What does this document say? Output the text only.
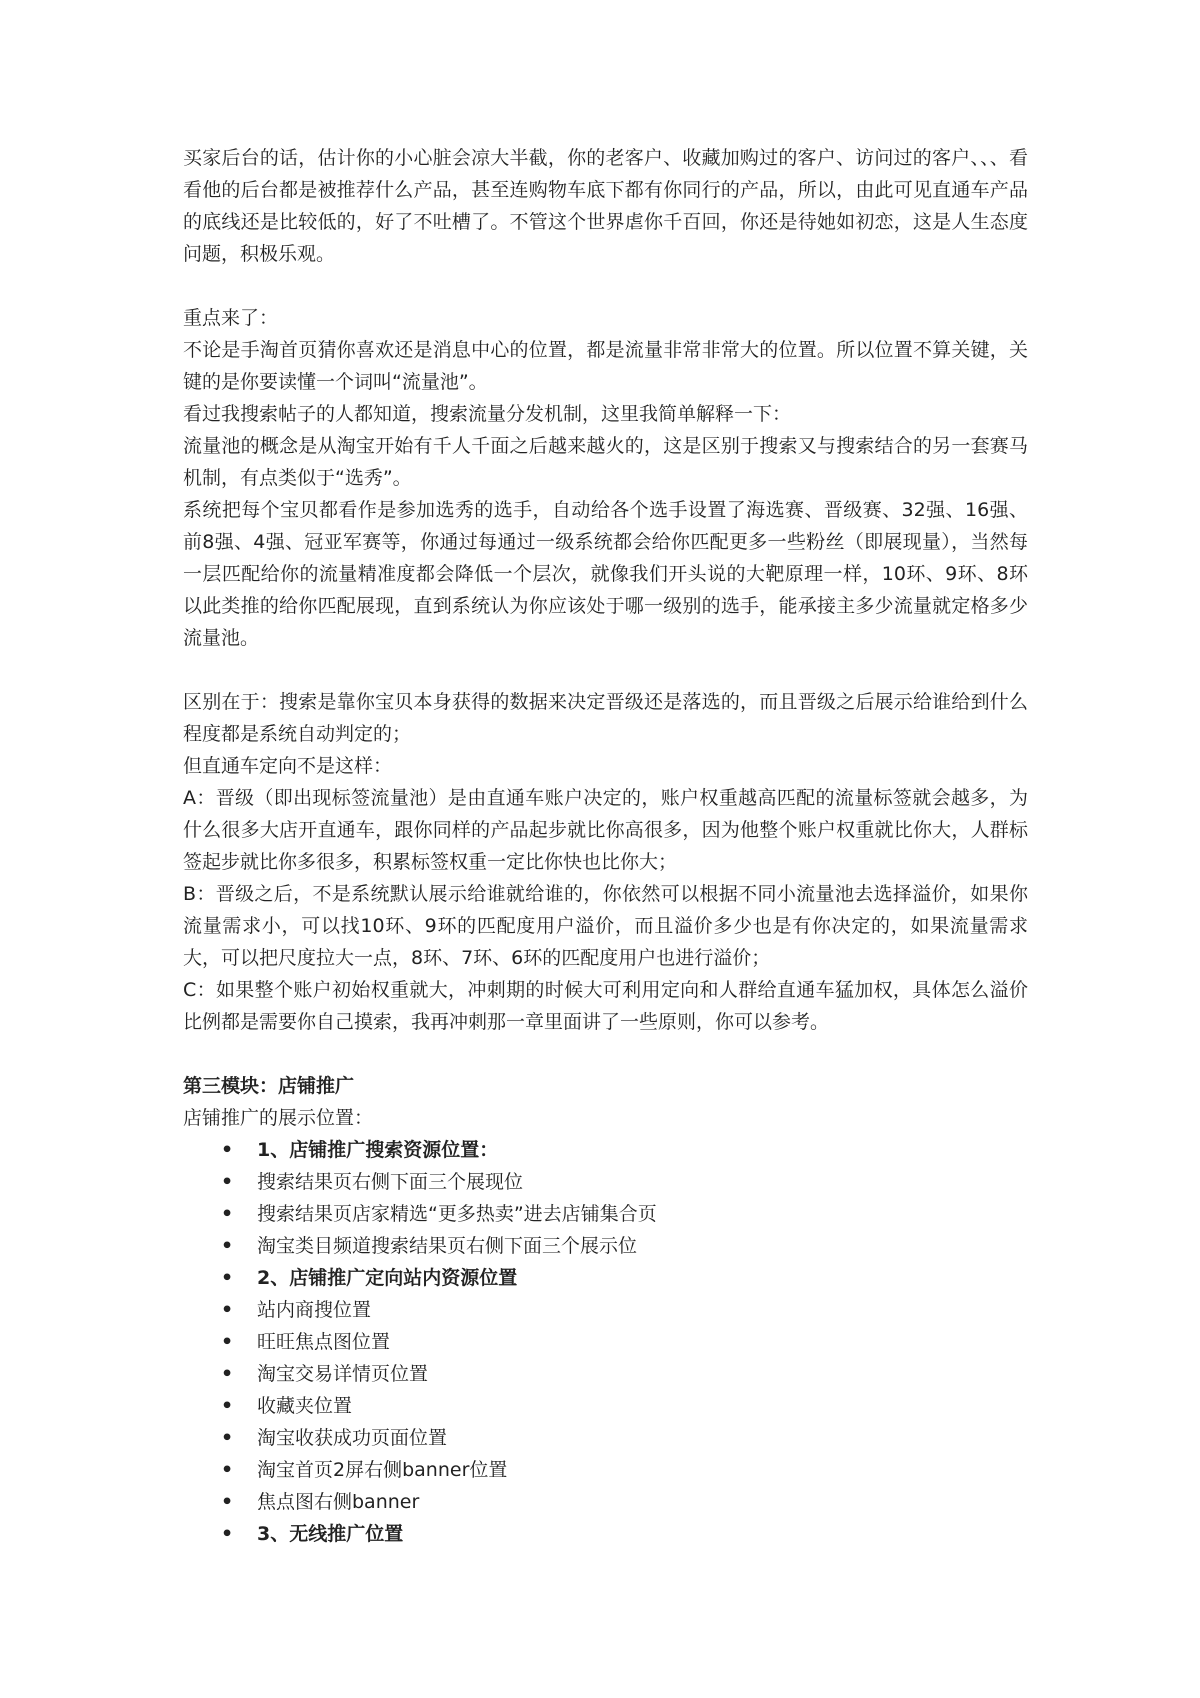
买家后台的话，估计你的小心脏会凉大半截，你的老客户、收藏加购过的客户、访问过的客户、、、看看他的后台都是被推荐什么产品，甚至连购物车底下都有你同行的产品，所以，由此可见直通车产品的底线还是比较低的，好了不吐槽了。不管这个世界虐你千百回，你还是待她如初恋，这是人生态度问题，积极乐观。

重点来了：

不论是手淘首页猜你喜欢还是消息中心的位置，都是流量非常非常大的位置。所以位置不算关键，关键的是你要读懂一个词叫“流量池”。

看过我搜索帖子的人都知道，搜索流量分发机制，这里我简单解释一下：

流量池的概念是从淘宝开始有千人千面之后越来越火的，这是区别于搜索又与搜索结合的另一套赛马机制，有点类似于“选秀”。

系统把每个宝贝都看作是参加选秀的选手，自动给各个选手设置了海选赛、晋级赛、32强、16强、前8强、4强、冠亚军赛等，你通过每通过一级系统都会给你匹配更多一些粉丝（即展现量），当然每一层匹配给你的流量精准度都会降低一个层次，就像我们开头说的大靶原理一样，10环、9环、8环以此类推的给你匹配展现，直到系统认为你应该处于哪一级别的选手，能承接主多少流量就定格多少流量池。

区别在于：搜索是靠你宝贝本身获得的数据来决定晋级还是落选的，而且晋级之后展示给谁给到什么程度都是系统自动判定的；

但直通车定向不是这样：

A：晋级（即出现标签流量池）是由直通车账户决定的，账户权重越高匹配的流量标签就会越多，为什么很多大店开直通车，跟你同样的产品起步就比你高很多，因为他整个账户权重就比你大，人群标签起步就比你多很多，积累标签权重一定比你快也比你大；

B：晋级之后，不是系统默认展示给谁就给谁的，你依然可以根据不同小流量池去选择溢价，如果你流量需求小，可以找10环、9环的匹配度用户溢价，而且溢价多少也是有你决定的，如果流量需求大，可以把尺度拉大一点，8环、7环、6环的匹配度用户也进行溢价；

C：如果整个账户初始权重就大，冲刺期的时候大可利用定向和人群给直通车猛加权，具体怎么溢价比例都是需要你自己摸索，我再冲刺那一章里面讲了一些原则，你可以参考。

第三模块：店铺推广

店铺推广的展示位置：

• 1、店铺推广搜索资源位置：
• 搜索结果页右侧下面三个展现位
• 搜索结果页店家精选“更多热卖”进去店铺集合页
• 淘宝类目频道搜索结果页右侧下面三个展示位
• 2、店铺推广定向站内资源位置
• 站内商搜位置
• 旺旺焦点图位置
• 淘宝交易详情页位置
• 收藏夹位置
• 淘宝收获成功页面位置
• 淘宝首页2屏右侧banner位置
• 焦点图右侧banner
• 3、无线推广位置
